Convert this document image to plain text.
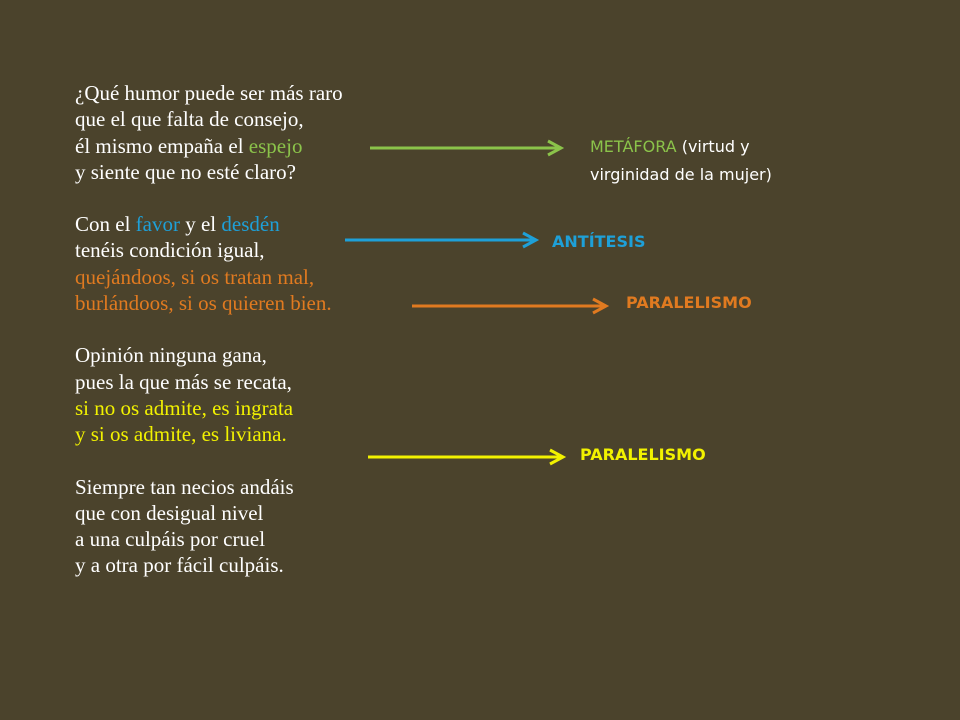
¿Qué humor puede ser más raro
que el que falta de consejo,
él mismo empaña el espejo
y siente que no esté claro?
Con el favor y el desdén
tenéis condición igual,
quejándoos, si os tratan mal,
burlándoos, si os quieren bien.
Opinión ninguna gana,
pues la que más se recata,
si no os admite, es ingrata
y si os admite, es liviana.
Siempre tan necios andáis
que con desigual nivel
a una culpáis por cruel
y a otra por fácil culpáis.
METÁFORA (virtud y
virginidad de la mujer)
ANTÍTESIS
PARALELISMO
PARALELISMO
